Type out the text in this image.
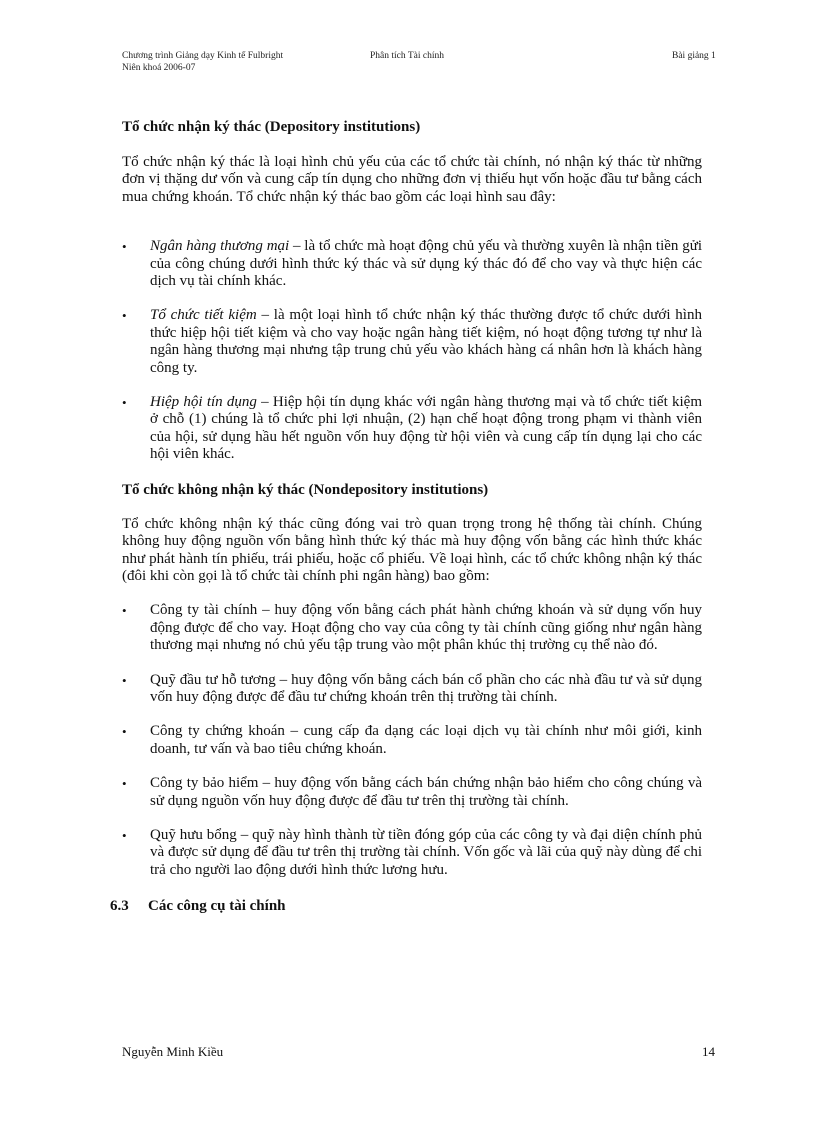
Chương trình Giảng dạy Kinh tế Fulbright
Niên khoá 2006-07
Phân tích Tài chính	Bài giảng 1

Tổ chức nhận ký thác (Depository institutions)

Tổ chức nhận ký thác là loại hình chủ yếu của các tổ chức tài chính, nó nhận ký thác từ những đơn vị thặng dư vốn và cung cấp tín dụng cho những đơn vị thiếu hụt vốn hoặc đầu tư bằng cách mua chứng khoán. Tổ chức nhận ký thác bao gồm các loại hình sau đây:

• Ngân hàng thương mại – là tổ chức mà hoạt động chủ yếu và thường xuyên là nhận tiền gửi của công chúng dưới hình thức ký thác và sử dụng ký thác đó để cho vay và thực hiện các dịch vụ tài chính khác.
• Tổ chức tiết kiệm – là một loại hình tổ chức nhận ký thác thường được tổ chức dưới hình thức hiệp hội tiết kiệm và cho vay hoặc ngân hàng tiết kiệm, nó hoạt động tương tự như là ngân hàng thương mại nhưng tập trung chủ yếu vào khách hàng cá nhân hơn là khách hàng công ty.
• Hiệp hội tín dụng – Hiệp hội tín dụng khác với ngân hàng thương mại và tổ chức tiết kiệm ở chỗ (1) chúng là tổ chức phi lợi nhuận, (2) hạn chế hoạt động trong phạm vi thành viên của hội, sử dụng hầu hết nguồn vốn huy động từ hội viên và cung cấp tín dụng lại cho các hội viên khác.

Tổ chức không nhận ký thác (Nondepository institutions)

Tổ chức không nhận ký thác cũng đóng vai trò quan trọng trong hệ thống tài chính. Chúng không huy động nguồn vốn bằng hình thức ký thác mà huy động vốn bằng các hình thức khác như phát hành tín phiếu, trái phiếu, hoặc cổ phiếu. Về loại hình, các tổ chức không nhận ký thác (đôi khi còn gọi là tổ chức tài chính phi ngân hàng) bao gồm:

• Công ty tài chính – huy động vốn bằng cách phát hành chứng khoán và sử dụng vốn huy động được để cho vay. Hoạt động cho vay của công ty tài chính cũng giống như ngân hàng thương mại nhưng nó chủ yếu tập trung vào một phân khúc thị trường cụ thể nào đó.
• Quỹ đầu tư hỗ tương – huy động vốn bằng cách bán cổ phần cho các nhà đầu tư và sử dụng vốn huy động được để đầu tư chứng khoán trên thị trường tài chính.
• Công ty chứng khoán – cung cấp đa dạng các loại dịch vụ tài chính như môi giới, kinh doanh, tư vấn và bao tiêu chứng khoán.
• Công ty bảo hiểm – huy động vốn bằng cách bán chứng nhận bảo hiểm cho công chúng và sử dụng nguồn vốn huy động được để đầu tư trên thị trường tài chính.
• Quỹ hưu bổng – quỹ này hình thành từ tiền đóng góp của các công ty và đại diện chính phủ và được sử dụng để đầu tư trên thị trường tài chính. Vốn gốc và lãi của quỹ này dùng để chi trả cho người lao động dưới hình thức lương hưu.

6.3 Các công cụ tài chính

Nguyễn Minh Kiều	14
